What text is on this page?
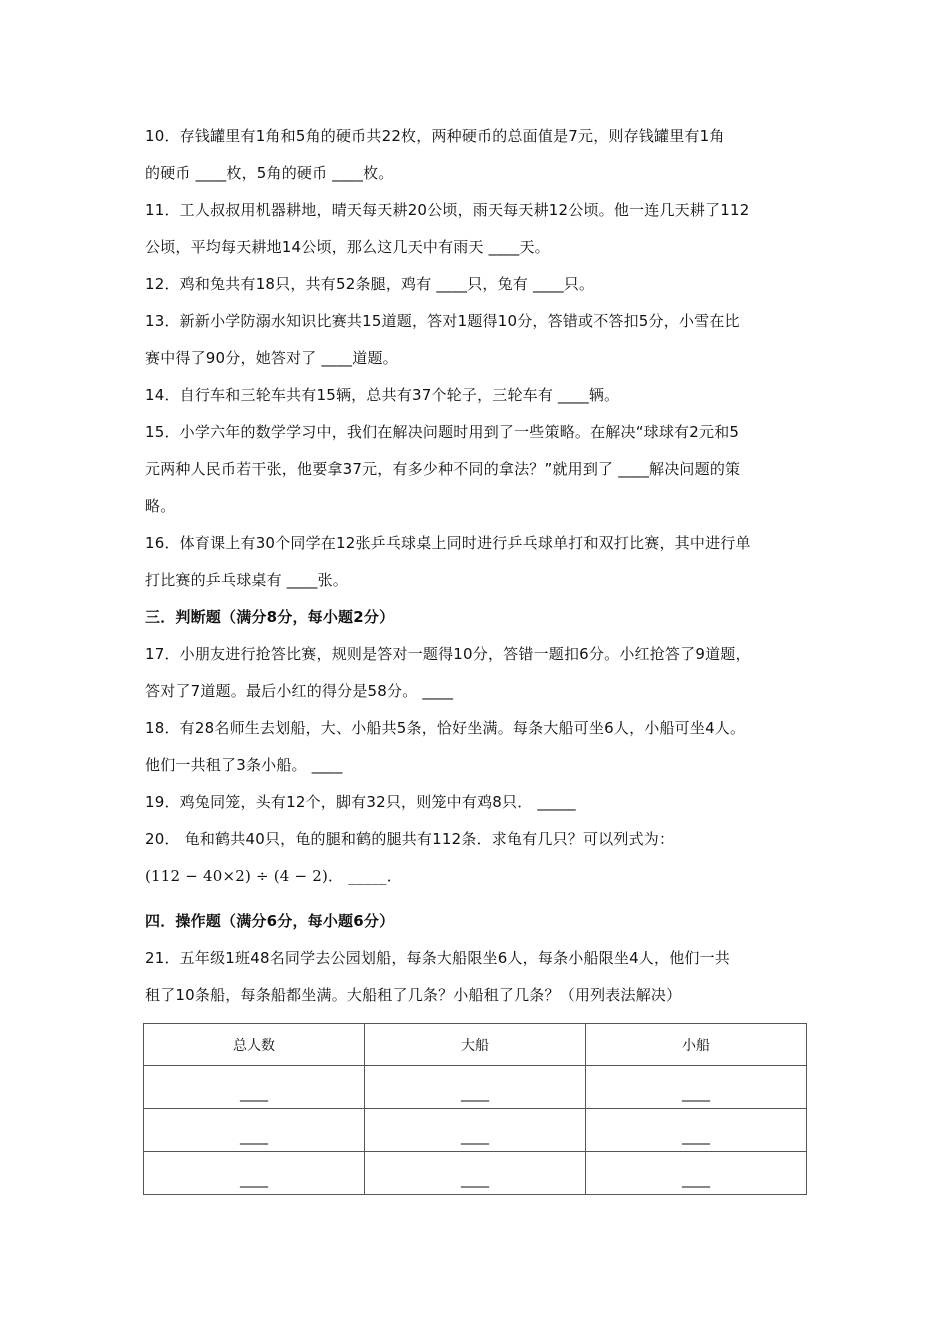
10．存钱罐里有1角和5角的硬币共22枚，两种硬币的总面值是7元，则存钱罐里有1角
的硬币 ____枚，5角的硬币 ____枚。
11．工人叔叔用机器耕地，晴天每天耕20公顷，雨天每天耕12公顷。他一连几天耕了112
公顷，平均每天耕地14公顷，那么这几天中有雨天 ____天。
12．鸡和兔共有18只，共有52条腿，鸡有 ____只，兔有 ____只。
13．新新小学防溺水知识比赛共15道题，答对1题得10分，答错或不答扣5分，小雪在比
赛中得了90分，她答对了 ____道题。
14．自行车和三轮车共有15辆，总共有37个轮子，三轮车有 ____辆。
15．小学六年的数学学习中，我们在解决问题时用到了一些策略。在解决“球球有2元和5
元两种人民币若干张，他要拿37元，有多少种不同的拿法？”就用到了 ____解决问题的策
略。
16．体育课上有30个同学在12张乒乓球桌上同时进行乒乓球单打和双打比赛，其中进行单
打比赛的乒乓球桌有 ____张。
三．判断题（满分8分，每小题2分）
17．小朋友进行抢答比赛，规则是答对一题得10分，答错一题扣6分。小红抢答了9道题，
答对了7道题。最后小红的得分是58分。 ____
18．有28名师生去划船，大、小船共5条，恰好坐满。每条大船可坐6人，小船可坐4人。
他们一共租了3条小船。 ____
19．鸡兔同笼，头有12个，脚有32只，则笼中有鸡8只． _____
20． 龟和鹤共40只，龟的腿和鹤的腿共有112条．求龟有几只？可以列式为：
(112 − 40×2) ÷ (4 − 2)． _____．
四．操作题（满分6分，每小题6分）
21．五年级1班48名同学去公园划船，每条大船限坐6人，每条小船限坐4人，他们一共
租了10条船，每条船都坐满。大船租了几条？小船租了几条？（用列表法解决）
总人数	大船	小船
____	____	____
____	____	____
____	____	____
